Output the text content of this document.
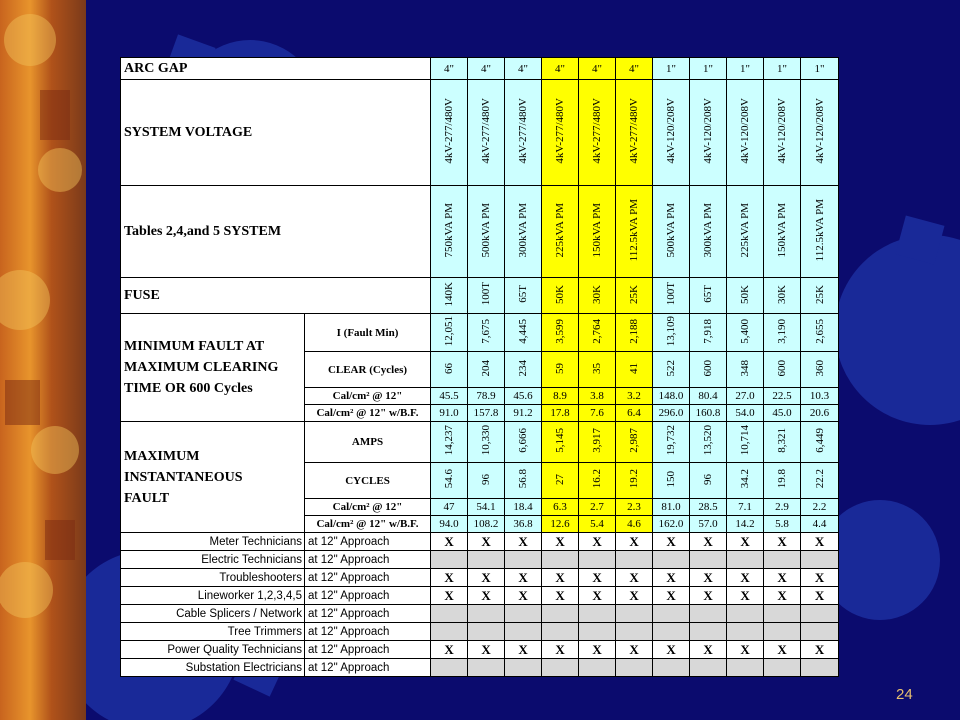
ARC GAP		4"	4"	4"	4"	4"	4"	1"	1"	1"	1"	1"
SYSTEM VOLTAGE		4kV-277/480V	4kV-277/480V	4kV-277/480V	4kV-277/480V	4kV-277/480V	4kV-277/480V	4kV-120/208V	4kV-120/208V	4kV-120/208V	4kV-120/208V	4kV-120/208V
Tables 2,4,and 5 SYSTEM		750kVA PM	500kVA PM	300kVA PM	225kVA PM	150kVA PM	112.5kVA PM	500kVA PM	300kVA PM	225kVA PM	150kVA PM	112.5kVA PM
FUSE		140K	100T	65T	50K	30K	25K	100T	65T	50K	30K	25K

MINIMUM FAULT AT
MAXIMUM CLEARING
TIME OR 600 Cycles	I (Fault Min)	12,051	7,675	4,445	3,599	2,764	2,188	13,109	7,918	5,400	3,190	2,655
	CLEAR (Cycles)	66	204	234	59	35	41	522	600	348	600	360
	Cal/cm² @ 12"	45.5	78.9	45.6	8.9	3.8	3.2	148.0	80.4	27.0	22.5	10.3
	Cal/cm² @ 12" w/B.F.	91.0	157.8	91.2	17.8	7.6	6.4	296.0	160.8	54.0	45.0	20.6

MAXIMUM
INSTANTANEOUS
FAULT	AMPS	14,237	10,330	6,666	5,145	3,917	2,987	19,732	13,520	10,714	8,321	6,449
	CYCLES	54.6	96	56.8	27	16.2	19.2	150	96	34.2	19.8	22.2
	Cal/cm² @ 12"	47	54.1	18.4	6.3	2.7	2.3	81.0	28.5	7.1	2.9	2.2
	Cal/cm² @ 12" w/B.F.	94.0	108.2	36.8	12.6	5.4	4.6	162.0	57.0	14.2	5.8	4.4
Meter Technicians	at 12" Approach	X	X	X	X	X	X	X	X	X	X	X
Electric Technicians	at 12" Approach											
Troubleshooters	at 12" Approach	X	X	X	X	X	X	X	X	X	X	X
Lineworker 1,2,3,4,5	at 12" Approach	X	X	X	X	X	X	X	X	X	X	X
Cable Splicers / Network	at 12" Approach											
Tree Trimmers	at 12" Approach											
Power Quality Technicians	at 12" Approach	X	X	X	X	X	X	X	X	X	X	X
Substation Electricians	at 12" Approach											
24
